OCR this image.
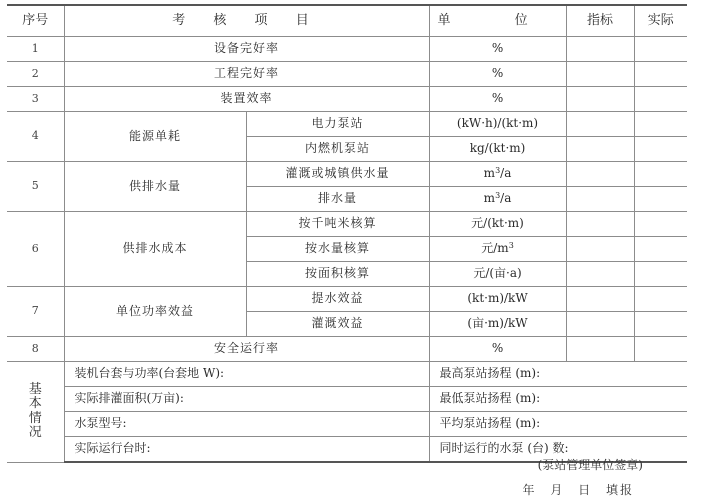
序号	考 核 项 目		单 位	指标	实际
1	设备完好率		%		
2	工程完好率		%		
3	装置效率		%		
4	能源单耗	电力泵站	(kW·h)/(kt·m)		
		内燃机泵站	kg/(kt·m)		
5	供排水量	灌溉或城镇供水量	$m^3/a$		
		排水量	$m^3/a$		
6	供排水成本	按千吨米核算	元/(kt·m)		
		按水量核算	元$/m^3$		
		按面积核算	元/(亩·a)		
7	单位功率效益	提水效益	(kt·m)/kW		
		灌溉效益	(亩·m)/kW		
8	安全运行率		%		

基
本
情
况	装机台套与功率(台套地 W):		最高泵站扬程 (m):		
	实际排灌面积(万亩):		最低泵站扬程 (m):		
	水泵型号:		平均泵站扬程 (m):		
	实际运行台时:		同时运行的水泵 (台) 数:		
(泵站管理单位签章)
年 月 日 填报
